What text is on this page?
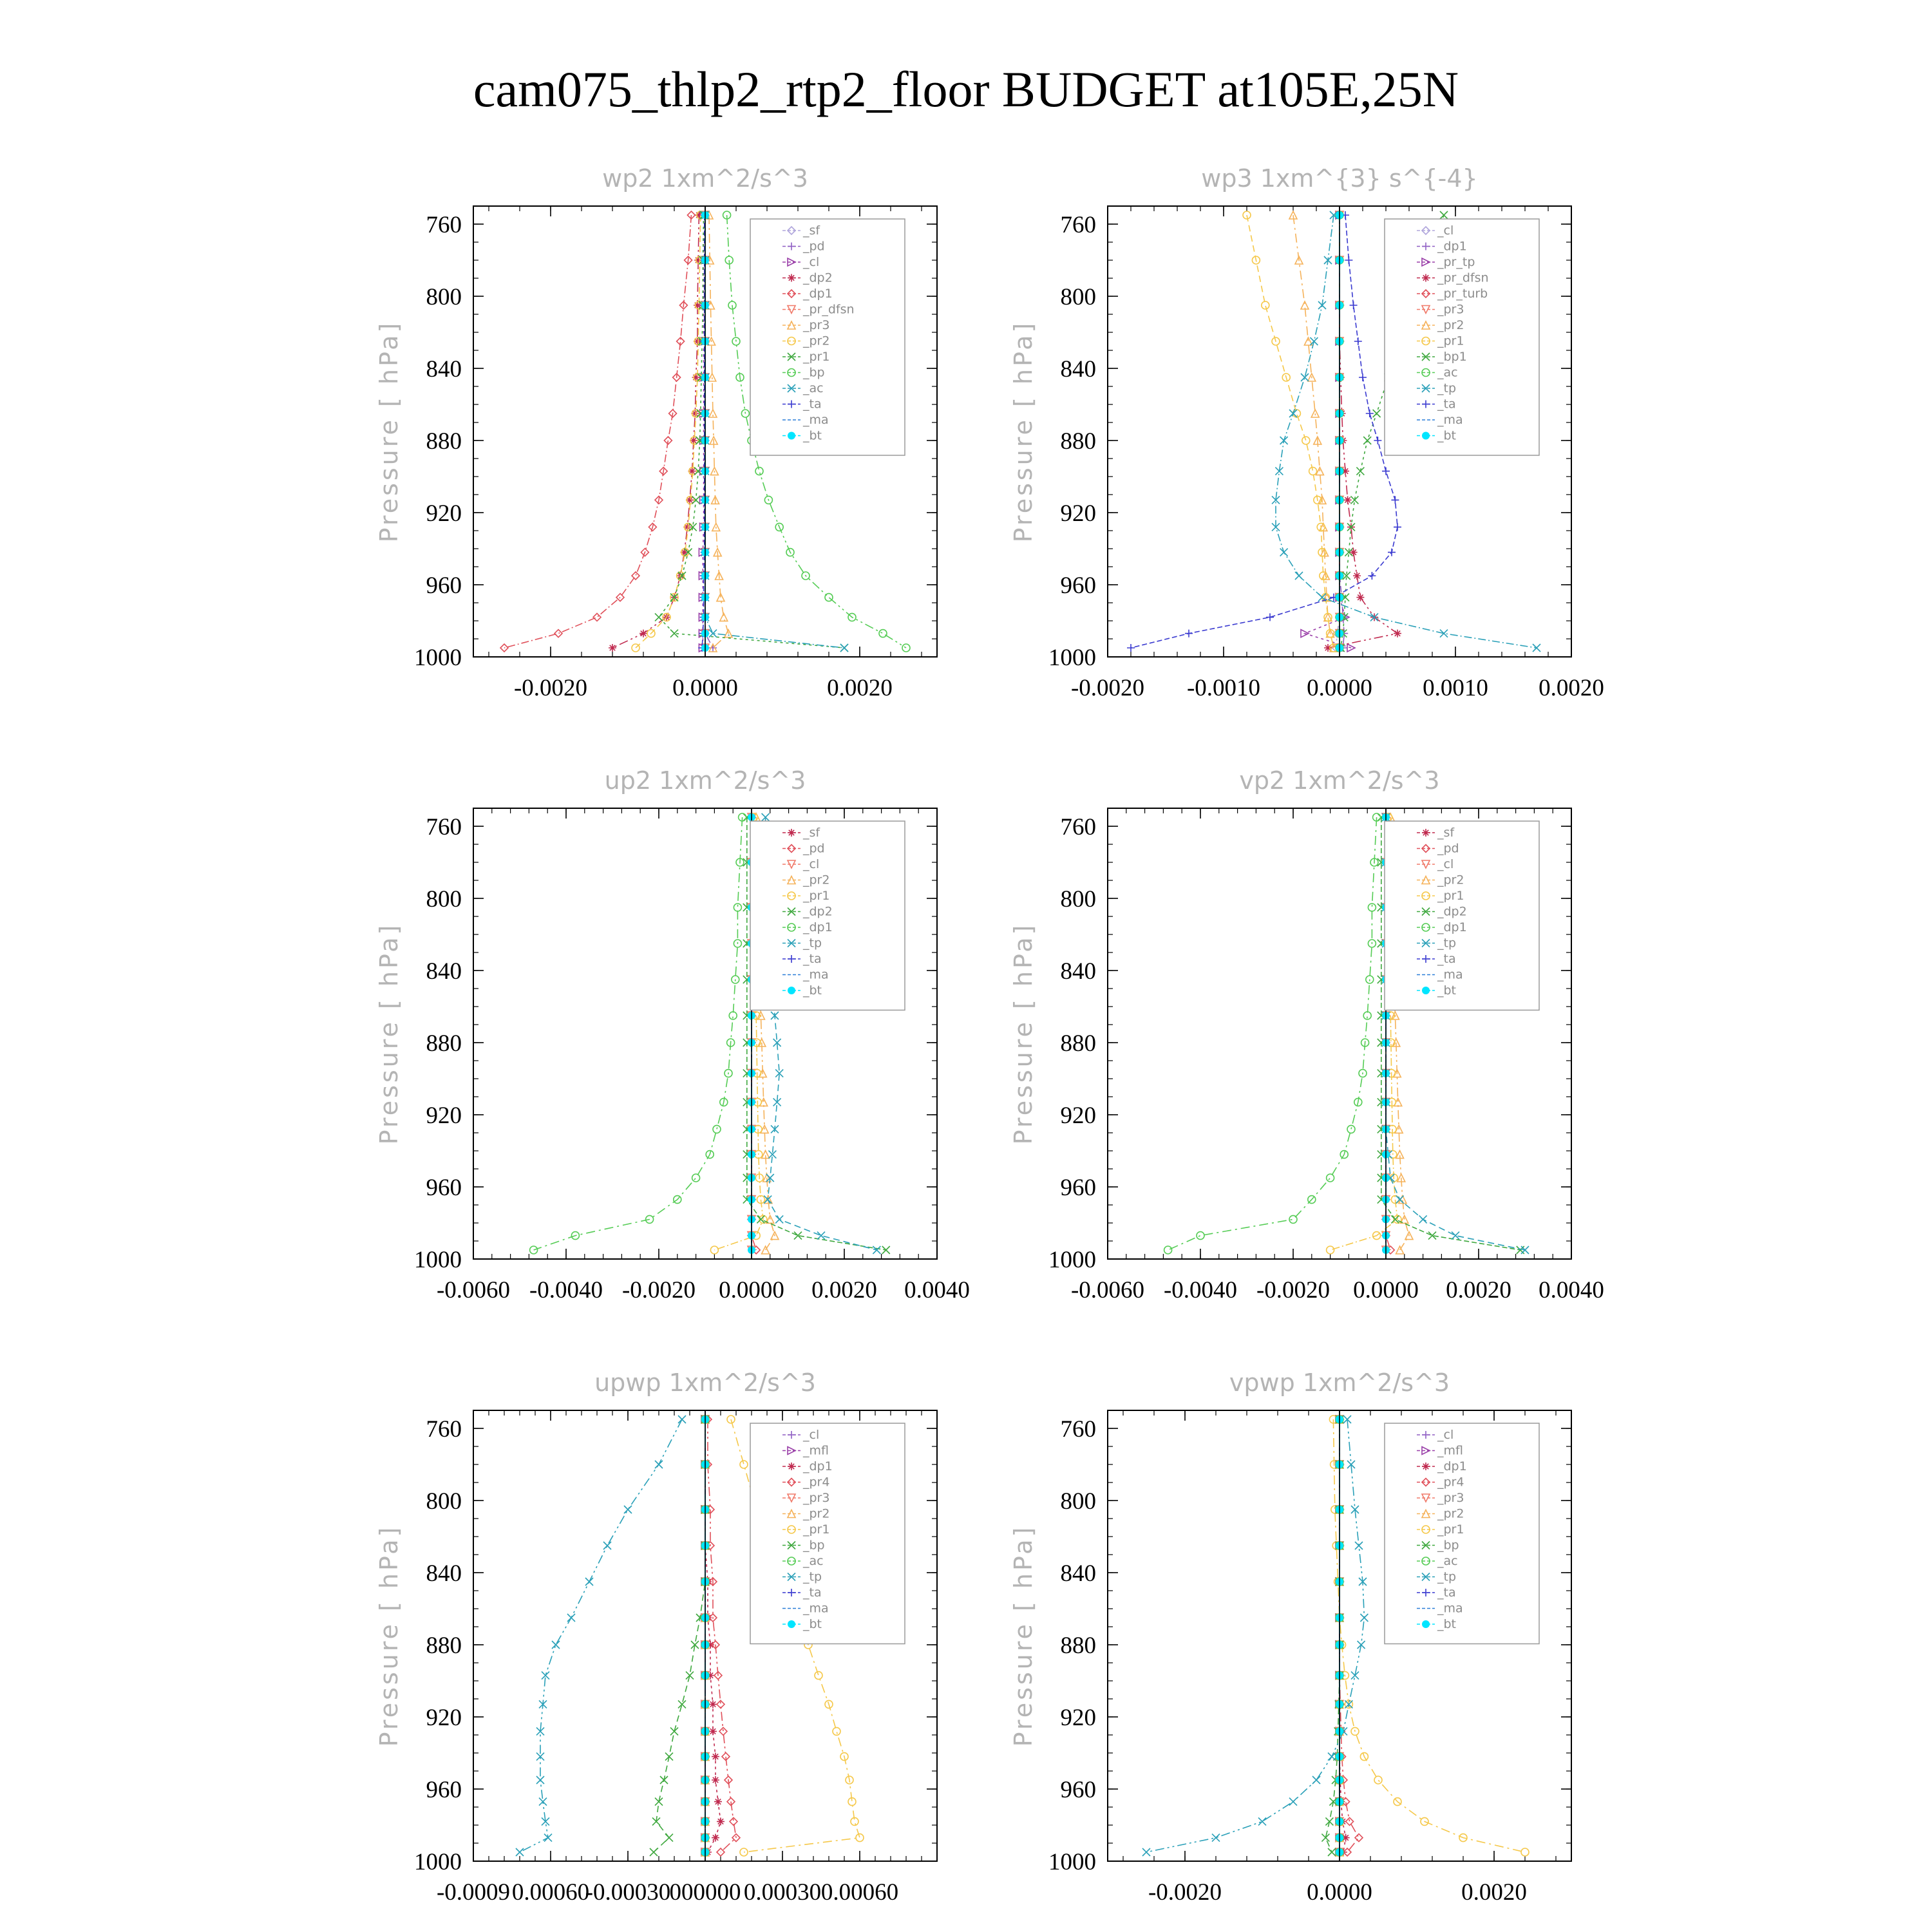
cam075_thlp2_rtp2_floor BUDGET at105E,25N
wp2 1xm^2/s^3
Pressure [ hPa]
-0.0020	0.0000	0.0020
760
800
840
880
920
960
1000
_sf
_pd
_cl
_dp2
_dp1
_pr_dfsn
_pr3
_pr2
_pr1
_bp
_ac
_ta
_ma
_bt
wp3 1xm^{3} s^{-4}
Pressure [ hPa]
-0.0020 -0.0010 0.0000 0.0010 0.0020
760
800
840
880
920
960
1000
_cl
_dp1
_pr_tp
_pr_dfsn
_pr_turb
_pr3
_pr2
_pr1
_bp1
_ac
_tp
_ta
_ma
_bt
up2 1xm^2/s^3
Pressure [ hPa]
-0.0060 -0.0040 -0.0020 0.0000 0.0020 0.0040
760
800
840
880
920
960
1000
_sf
_pd
_cl
_pr2
_pr1
_dp2
_dp1
_tp
_ta
_ma
_bt
vp2 1xm^2/s^3
Pressure [ hPa]
-0.0060 -0.0040 -0.0020 0.0000 0.0020 0.0040
760
800
840
880
920
960
1000
_sf
_pd
_cl
_pr2
_pr1
_dp2
_dp1
_tp
_ta
_ma
_bt
upwp 1xm^2/s^3
Pressure [ hPa]
-0.0009 0.00060
-0.00030
000000 0.00030 0.00060
760
800
840
880
920
960
1000
_cl
_mfl
_dp1
_pr4
_pr3
_pr2
_pr1
_bp
_ac
_tp
_ta
_ma
_bt
vpwp 1xm^2/s^3
Pressure [ hPa]
-0.0020	0.0000	0.0020
760
800
840
880
920
960
1000
_cl
_mfl
_dp1
_pr4
_pr3
_pr2
_pr1
_bp
_ac
_tp
_ta
_ma
_bt
